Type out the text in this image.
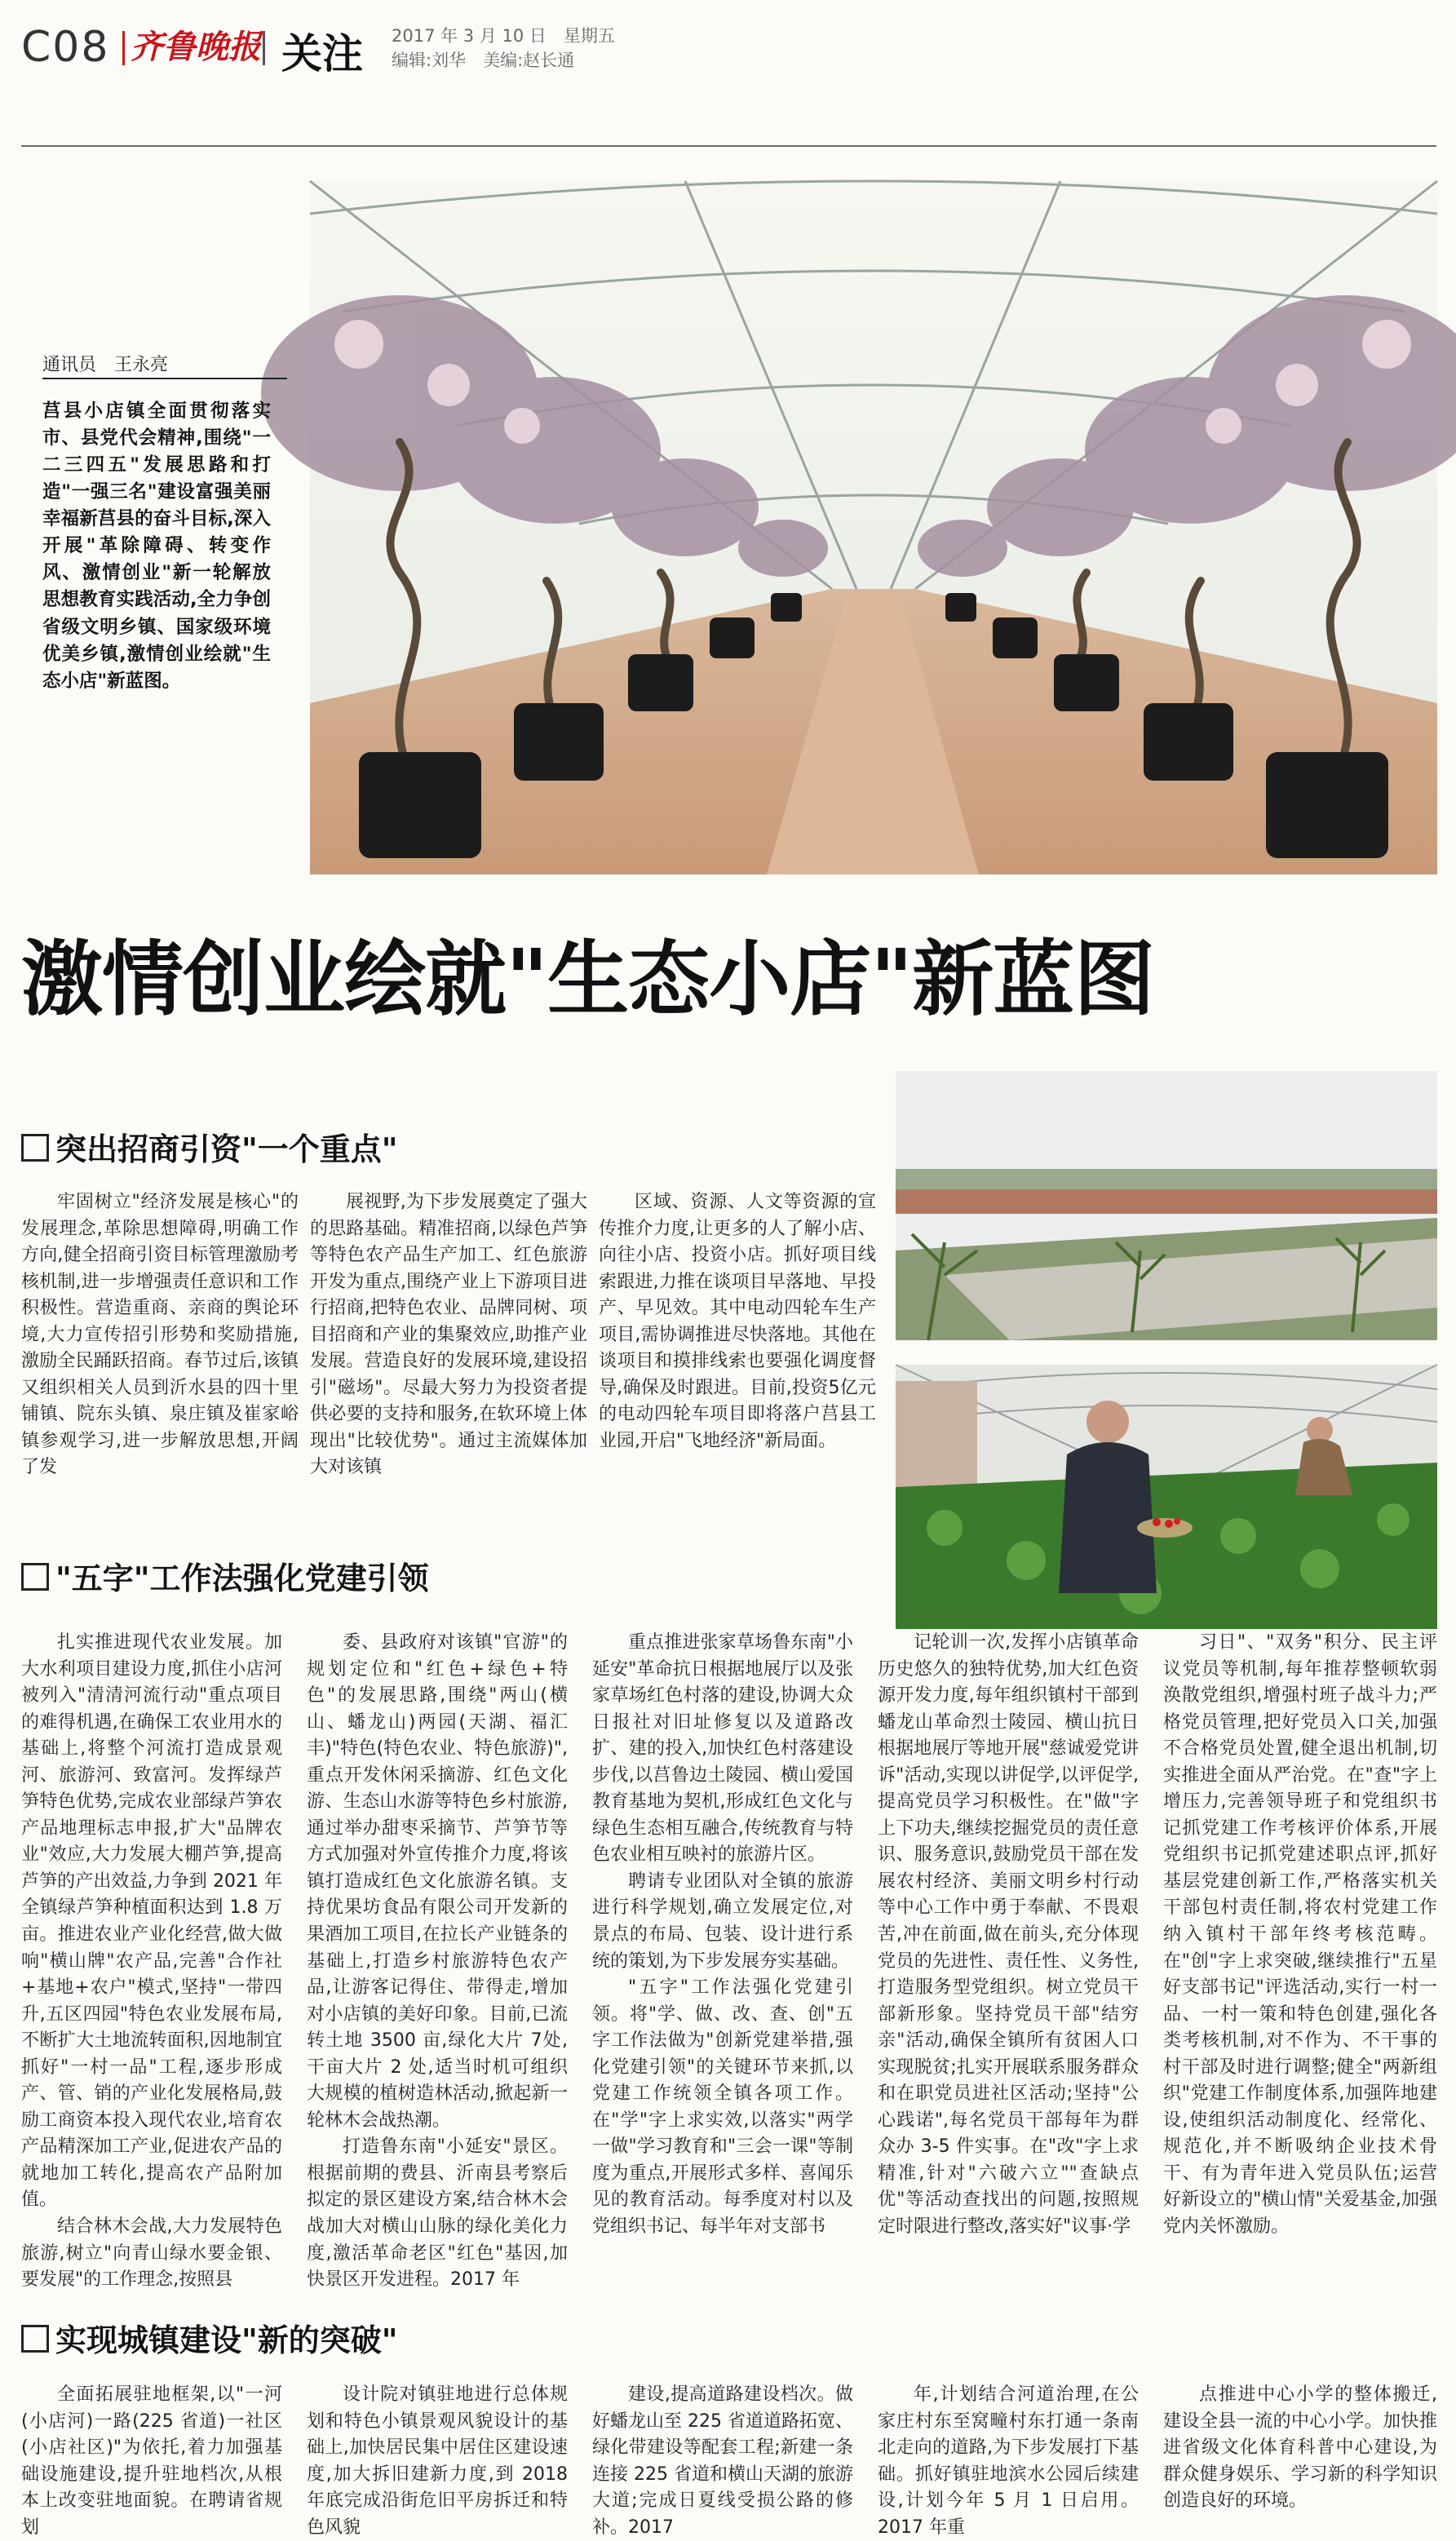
C08 齐鲁晚报 关注 2017 年 3 月 10 日　星期五
编辑:刘华　美编:赵长通
通讯员　王永亮
莒县小店镇全面贯彻落实市、县党代会精神,围绕"一二三四五"发展思路和打造"一强三名"建设富强美丽幸福新莒县的奋斗目标,深入开展"革除障碍、转变作风、激情创业"新一轮解放思想教育实践活动,全力争创省级文明乡镇、国家级环境优美乡镇,激情创业绘就"生态小店"新蓝图。
激情创业绘就"生态小店"新蓝图
突出招商引资"一个重点"

牢固树立"经济发展是核心"的发展理念,革除思想障碍,明确工作方向,健全招商引资目标管理激励考核机制,进一步增强责任意识和工作积极性。营造重商、亲商的舆论环境,大力宣传招引形势和奖励措施,激励全民踊跃招商。春节过后,该镇又组织相关人员到沂水县的四十里铺镇、院东头镇、泉庄镇及崔家峪镇参观学习,进一步解放思想,开阔了发

展视野,为下步发展奠定了强大的思路基础。精准招商,以绿色芦笋等特色农产品生产加工、红色旅游开发为重点,围绕产业上下游项目进行招商,把特色农业、品牌同树、项目招商和产业的集聚效应,助推产业发展。营造良好的发展环境,建设招引"磁场"。尽最大努力为投资者提供必要的支持和服务,在软环境上体现出"比较优势"。通过主流媒体加大对该镇

区域、资源、人文等资源的宣传推介力度,让更多的人了解小店、向往小店、投资小店。抓好项目线索跟进,力推在谈项目早落地、早投产、早见效。其中电动四轮车生产项目,需协调推进尽快落地。其他在谈项目和摸排线索也要强化调度督导,确保及时跟进。目前,投资5亿元的电动四轮车项目即将落户莒县工业园,开启"飞地经济"新局面。

"五字"工作法强化党建引领

扎实推进现代农业发展。加大水利项目建设力度,抓住小店河被列入"清清河流行动"重点项目的难得机遇,在确保工农业用水的基础上,将整个河流打造成景观河、旅游河、致富河。发挥绿芦笋特色优势,完成农业部绿芦笋农产品地理标志申报,扩大"品牌农业"效应,大力发展大棚芦笋,提高芦笋的产出效益,力争到 2021 年全镇绿芦笋种植面积达到 1.8 万亩。推进农业产业化经营,做大做响"横山牌"农产品,完善"合作社+基地+农户"模式,坚持"一带四升,五区四园"特色农业发展布局,不断扩大土地流转面积,因地制宜抓好"一村一品"工程,逐步形成产、管、销的产业化发展格局,鼓励工商资本投入现代农业,培育农产品精深加工产业,促进农产品的就地加工转化,提高农产品附加值。

结合林木会战,大力发展特色旅游,树立"向青山绿水要金银、要发展"的工作理念,按照县

委、县政府对该镇"官游"的规划定位和"红色+绿色+特色"的发展思路,围绕"两山(横山、蟠龙山)两园(天湖、福汇丰)"特色(特色农业、特色旅游)",重点开发休闲采摘游、红色文化游、生态山水游等特色乡村旅游,通过举办甜枣采摘节、芦笋节等方式加强对外宣传推介力度,将该镇打造成红色文化旅游名镇。支持优果坊食品有限公司开发新的果酒加工项目,在拉长产业链条的基础上,打造乡村旅游特色农产品,让游客记得住、带得走,增加对小店镇的美好印象。目前,已流转土地 3500 亩,绿化大片 7处,干亩大片 2 处,适当时机可组织大规模的植树造林活动,掀起新一轮林木会战热潮。

打造鲁东南"小延安"景区。根据前期的费县、沂南县考察后拟定的景区建设方案,结合林木会战加大对横山山脉的绿化美化力度,激活革命老区"红色"基因,加快景区开发进程。2017 年

重点推进张家草场鲁东南"小延安"革命抗日根据地展厅以及张家草场红色村落的建设,协调大众日报社对旧址修复以及道路改扩、建的投入,加快红色村落建设步伐,以莒鲁边土陵园、横山爱国教育基地为契机,形成红色文化与绿色生态相互融合,传统教育与特色农业相互映衬的旅游片区。

聘请专业团队对全镇的旅游进行科学规划,确立发展定位,对景点的布局、包装、设计进行系统的策划,为下步发展夯实基础。

"五字"工作法强化党建引领。将"学、做、改、查、创"五字工作法做为"创新党建举措,强化党建引领"的关键环节来抓,以党建工作统领全镇各项工作。在"学"字上求实效,以落实"两学一做"学习教育和"三会一课"等制度为重点,开展形式多样、喜闻乐见的教育活动。每季度对村以及党组织书记、每半年对支部书

记轮训一次,发挥小店镇革命历史悠久的独特优势,加大红色资源开发力度,每年组织镇村干部到蟠龙山革命烈士陵园、横山抗日根据地展厅等地开展"慈诚爱党讲诉"活动,实现以讲促学,以评促学,提高党员学习积极性。在"做"字上下功夫,继续挖掘党员的责任意识、服务意识,鼓励党员干部在发展农村经济、美丽文明乡村行动等中心工作中勇于奉献、不畏艰苦,冲在前面,做在前头,充分体现党员的先进性、责任性、义务性,打造服务型党组织。树立党员干部新形象。坚持党员干部"结穷亲"活动,确保全镇所有贫困人口实现脱贫;扎实开展联系服务群众和在职党员进社区活动;坚持"公心践诺",每名党员干部每年为群众办 3-5 件实事。在"改"字上求精准,针对"六破六立""查缺点优"等活动查找出的问题,按照规定时限进行整改,落实好"议事·学

习日"、"双务"积分、民主评议党员等机制,每年推荐整顿软弱涣散党组织,增强村班子战斗力;严格党员管理,把好党员入口关,加强不合格党员处置,健全退出机制,切实推进全面从严治党。在"查"字上增压力,完善领导班子和党组织书记抓党建工作考核评价体系,开展党组织书记抓党建述职点评,抓好基层党建创新工作,严格落实机关干部包村责任制,将农村党建工作纳入镇村干部年终考核范畴。在"创"字上求突破,继续推行"五星好支部书记"评选活动,实行一村一品、一村一策和特色创建,强化各类考核机制,对不作为、不干事的村干部及时进行调整;健全"两新组织"党建工作制度体系,加强阵地建设,使组织活动制度化、经常化、规范化,并不断吸纳企业技术骨干、有为青年进入党员队伍;运营好新设立的"横山情"关爱基金,加强党内关怀激励。

实现城镇建设"新的突破"

全面拓展驻地框架,以"一河(小店河)一路(225 省道)一社区(小店社区)"为依托,着力加强基础设施建设,提升驻地档次,从根本上改变驻地面貌。在聘请省规划

设计院对镇驻地进行总体规划和特色小镇景观风貌设计的基础上,加快居民集中居住区建设速度,加大拆旧建新力度,到 2018 年底完成沿街危旧平房拆迁和特色风貌

建设,提高道路建设档次。做好蟠龙山至 225 省道道路拓宽、绿化带建设等配套工程;新建一条连接 225 省道和横山天湖的旅游大道;完成日夏线受损公路的修补。2017

年,计划结合河道治理,在公家庄村东至窝疃村东打通一条南北走向的道路,为下步发展打下基础。抓好镇驻地滨水公园后续建设,计划今年 5 月 1 日启用。2017 年重

点推进中心小学的整体搬迁,建设全县一流的中心小学。加快推进省级文化体育科普中心建设,为群众健身娱乐、学习新的科学知识创造良好的环境。
